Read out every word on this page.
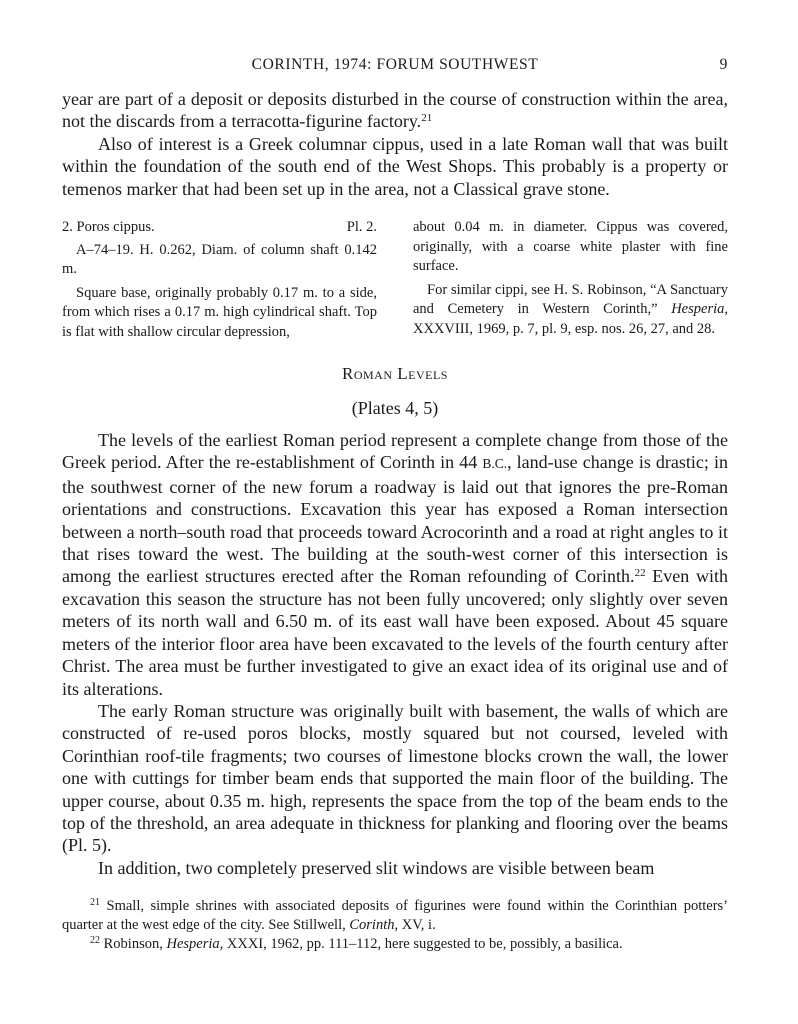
CORINTH, 1974: FORUM SOUTHWEST	9

year are part of a deposit or deposits disturbed in the course of construction within the area, not the discards from a terracotta-figurine factory.$^{21}$

Also of interest is a Greek columnar cippus, used in a late Roman wall that was built within the foundation of the south end of the West Shops. This probably is a property or temenos marker that had been set up in the area, not a Classical grave stone.

2. Poros cippus.	Pl. 2.

A–74–19. H. 0.262, Diam. of column shaft 0.142 m.

Square base, originally probably 0.17 m. to a side, from which rises a 0.17 m. high cylindrical shaft. Top is flat with shallow circular depression,

about 0.04 m. in diameter. Cippus was covered, originally, with a coarse white plaster with fine surface.

For similar cippi, see H. S. Robinson, “A Sanctuary and Cemetery in Western Corinth,” Hesperia, XXXVIII, 1969, p. 7, pl. 9, esp. nos. 26, 27, and 28.

Roman Levels
(Plates 4, 5)

The levels of the earliest Roman period represent a complete change from those of the Greek period. After the re-establishment of Corinth in 44 B.C., land-use change is drastic; in the southwest corner of the new forum a roadway is laid out that ignores the pre-Roman orientations and constructions. Excavation this year has exposed a Roman intersection between a north–south road that proceeds toward Acrocorinth and a road at right angles to it that rises toward the west. The building at the south-west corner of this intersection is among the earliest structures erected after the Roman refounding of Corinth.$^{22}$ Even with excavation this season the structure has not been fully uncovered; only slightly over seven meters of its north wall and 6.50 m. of its east wall have been exposed. About 45 square meters of the interior floor area have been excavated to the levels of the fourth century after Christ. The area must be further investigated to give an exact idea of its original use and of its alterations.

The early Roman structure was originally built with basement, the walls of which are constructed of re-used poros blocks, mostly squared but not coursed, leveled with Corinthian roof-tile fragments; two courses of limestone blocks crown the wall, the lower one with cuttings for timber beam ends that supported the main floor of the building. The upper course, about 0.35 m. high, represents the space from the top of the beam ends to the top of the threshold, an area adequate in thickness for planking and flooring over the beams (Pl. 5).

In addition, two completely preserved slit windows are visible between beam

$^{21}$ Small, simple shrines with associated deposits of figurines were found within the Corinthian potters’ quarter at the west edge of the city. See Stillwell, Corinth, XV, i.

$^{22}$ Robinson, Hesperia, XXXI, 1962, pp. 111–112, here suggested to be, possibly, a basilica.
